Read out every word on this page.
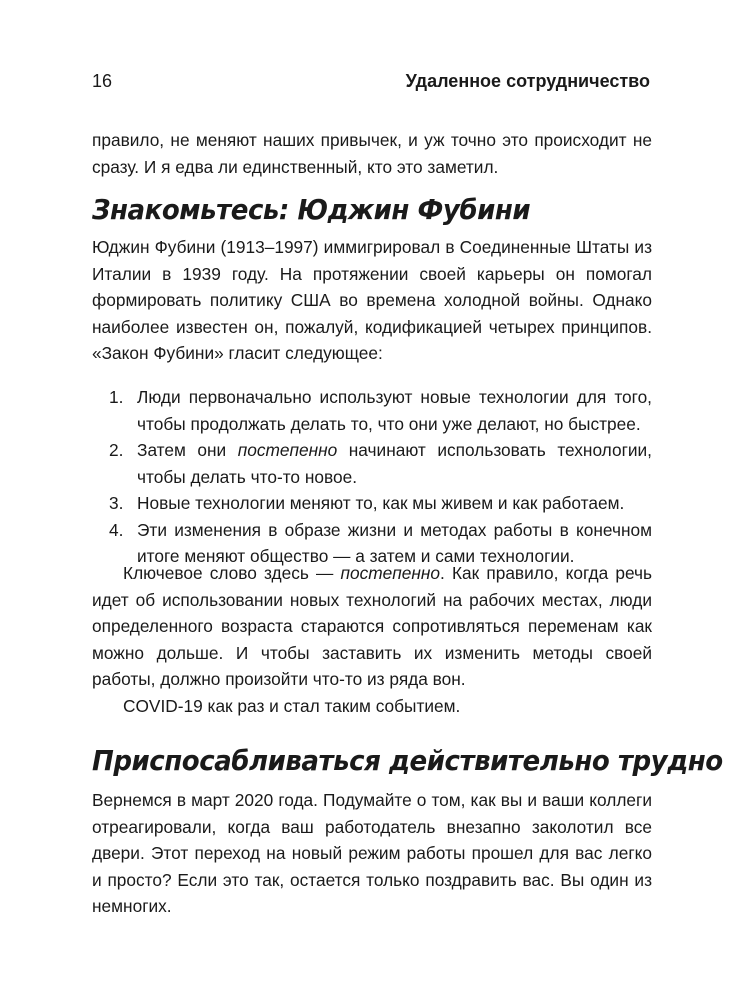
16	Удаленное сотрудничество

правило, не меняют наших привычек, и уж точно это происходит не сразу. И я едва ли единственный, кто это заметил.

Знакомьтесь: Юджин Фубини

Юджин Фубини (1913–1997) иммигрировал в Соединенные Штаты из Италии в 1939 году. На протяжении своей карьеры он помогал формировать политику США во времена холодной войны. Однако наиболее известен он, пожалуй, кодификацией четырех принципов. «Закон Фубини» гласит следующее:

1. Люди первоначально используют новые технологии для того, чтобы продолжать делать то, что они уже делают, но быстрее.
2. Затем они постепенно начинают использовать технологии, чтобы делать что-то новое.
3. Новые технологии меняют то, как мы живем и как работаем.
4. Эти изменения в образе жизни и методах работы в конечном итоге меняют общество — а затем и сами технологии.

Ключевое слово здесь — постепенно. Как правило, когда речь идет об использовании новых технологий на рабочих местах, люди определенного возраста стараются сопротивляться переменам как можно дольше. И чтобы заставить их изменить методы своей работы, должно произойти что-то из ряда вон.

COVID-19 как раз и стал таким событием.

Приспосабливаться действительно трудно

Вернемся в март 2020 года. Подумайте о том, как вы и ваши коллеги отреагировали, когда ваш работодатель внезапно заколотил все двери. Этот переход на новый режим работы прошел для вас легко и просто? Если это так, остается только поздравить вас. Вы один из немногих.
